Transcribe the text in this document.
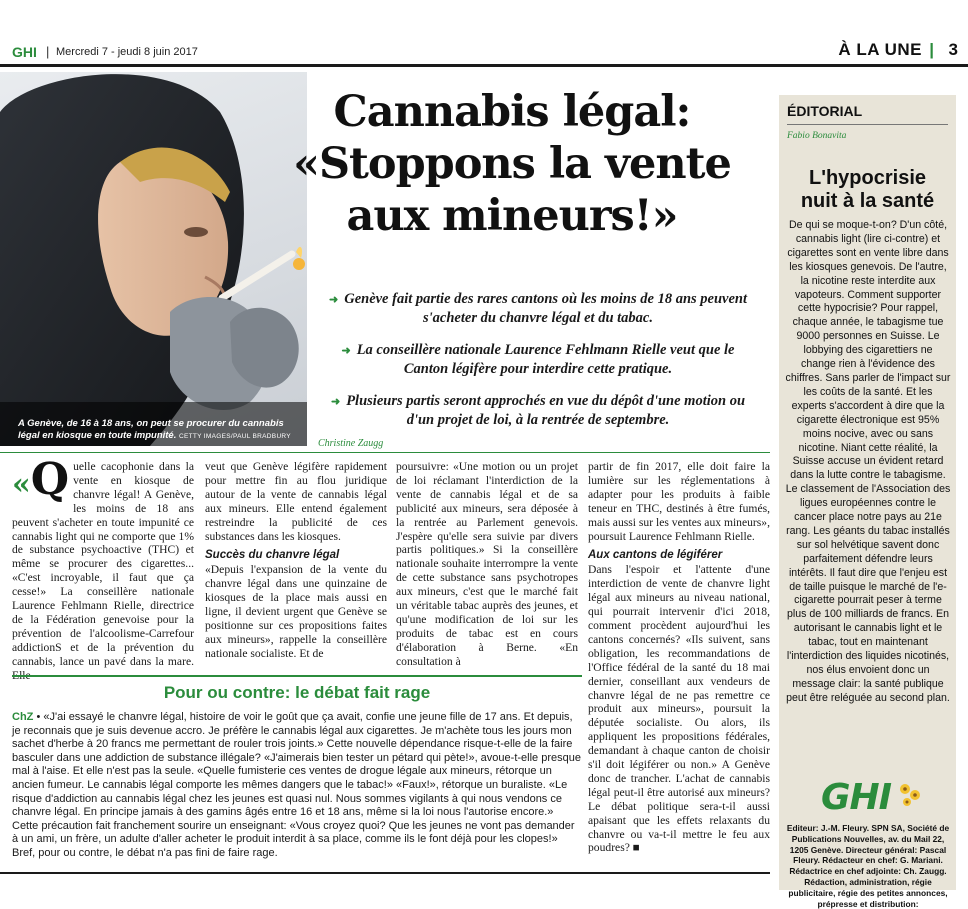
GHI | Mercredi 7 - jeudi 8 juin 2017	À LA UNE | 3
A Genève, de 16 à 18 ans, on peut se procurer du cannabis légal en kiosque en toute impunité. CETTY IMAGES/PAUL BRADBURY
Cannabis légal:
«Stoppons la vente
aux mineurs!»
➜ Genève fait partie des rares cantons où les moins de 18 ans peuvent s'acheter du chanvre légal et du tabac.
➜ La conseillère nationale Laurence Fehlmann Rielle veut que le Canton légifère pour interdire cette pratique.
➜ Plusieurs partis seront approchés en vue du dépôt d'une motion ou d'un projet de loi, à la rentrée de septembre.
Christine Zaugg

«Q uelle cacophonie dans la vente en kiosque de chanvre légal! A Genève, les moins de 18 ans peuvent s'acheter en toute impunité ce cannabis light qui ne comporte que 1% de substance psychoactive (THC) et même se procurer des cigarettes... «C'est incroyable, il faut que ça cesse!» La conseillère nationale Laurence Fehlmann Rielle, directrice de la Fédération genevoise pour la prévention de l'alcoolisme-Carrefour addictionS et de la prévention du cannabis, lance un pavé dans la mare.

veut que Genève légifère rapidement pour mettre fin au flou juridique autour de la vente de cannabis légal aux mineurs. Elle entend également restreindre la publicité de ces substances dans les kiosques.

Succès du chanvre légal

«Depuis l'expansion de la vente du chanvre légal dans une quinzaine de kiosques de la place mais aussi en ligne, il devient urgent que Genève se positionne sur ces propositions faites aux mineurs», rappelle la conseillère nationale socialiste. Et de

poursuivre: «Une motion ou un projet de loi réclamant l'interdiction de la vente de cannabis légal et de sa publicité aux mineurs, sera déposée à la rentrée au Parlement genevois. J'espère qu'elle sera suivie par divers partis politiques.» Si la conseillère nationale souhaite interrompre la vente de cette substance sans psychotropes aux mineurs, c'est que le marché fait un véritable tabac auprès des jeunes, et qu'une modification de loi sur les produits de tabac est en cours d'élaboration à Berne. «En consultation à

partir de fin 2017, elle doit faire la lumière sur les réglementations à adapter pour les produits à faible teneur en THC, destinés à être fumés, mais aussi sur les ventes aux mineurs», poursuit Laurence Fehlmann Rielle.

Aux cantons de légiférer

Dans l'espoir et l'attente d'une interdiction de vente de chanvre light légal aux mineurs au niveau national, qui pourrait intervenir d'ici 2018, comment procèdent aujourd'hui les cantons concernés? «Ils suivent, sans obligation, les recommandations de l'Office fédéral de la santé du 18 mai dernier, conseillant aux vendeurs de chanvre légal de ne pas remettre ce produit aux mineurs», poursuit la députée socialiste. Ou alors, ils appliquent les propositions fédérales, demandant à chaque canton de choisir s'il doit légiférer ou non.» A Genève donc de trancher. L'achat de cannabis légal peut-il être autorisé aux mineurs? Le débat politique sera-t-il aussi apaisant que les effets relaxants du chanvre ou va-t-il mettre le feu aux poudres? ■

Pour ou contre: le débat fait rage

ChZ • «J'ai essayé le chanvre légal, histoire de voir le goût que ça avait, confie une jeune fille de 17 ans. Et depuis, je reconnais que je suis devenue accro. Je préfère le cannabis légal aux cigarettes. Je m'achète tous les jours mon sachet d'herbe à 20 francs me permettant de rouler trois joints.» Cette nouvelle dépendance risque-t-elle de la faire basculer dans une addiction de substance illégale? «J'aimerais bien tester un pétard qui pète!», avoue-t-elle presque mal à l'aise. Et elle n'est pas la seule. «Quelle fumisterie ces ventes de drogue légale aux mineurs, rétorque un ancien fumeur. Le cannabis légal comporte les mêmes dangers que le tabac!» «Faux!», rétorque un buraliste. «Le risque d'addiction au cannabis légal chez les jeunes est quasi nul. Nous sommes vigilants à qui nous vendons ce chanvre légal. En principe jamais à des gamins âgés entre 16 et 18 ans, même si la loi nous l'autorise encore.»

Cette précaution fait franchement sourire un enseignant: «Vous croyez quoi? Que les jeunes ne vont pas demander à un ami, un frère, un adulte d'aller acheter le produit interdit à sa place, comme ils le font déjà pour les clopes!» Bref, pour ou contre, le débat n'a pas fini de faire rage.

ÉDITORIAL
Fabio Bonavita
L'hypocrisie
nuit à la santé
De qui se moque-t-on? D'un côté, cannabis light (lire ci-contre) et cigarettes sont en vente libre dans les kiosques genevois. De l'autre, la nicotine reste interdite aux vapoteurs. Comment supporter cette hypocrisie? Pour rappel, chaque année, le tabagisme tue 9000 personnes en Suisse. Le lobbying des cigarettiers ne change rien à l'évidence des chiffres. Sans parler de l'impact sur les coûts de la santé. Et les experts s'accordent à dire que la cigarette électronique est 95% moins nocive, avec ou sans nicotine. Niant cette réalité, la Suisse accuse un évident retard dans la lutte contre le tabagisme. Le classement de l'Association des ligues européennes contre le cancer place notre pays au 21e rang. Les géants du tabac installés sur sol helvétique savent donc parfaitement défendre leurs intérêts. Il faut dire que l'enjeu est de taille puisque le marché de l'e-cigarette pourrait peser à terme plus de 100 milliards de francs. En autorisant le cannabis light et le tabac, tout en maintenant l'interdiction des liquides nicotinés, nos élus envoient donc un message clair: la santé publique peut être reléguée au second plan.
GHI
Editeur: J.-M. Fleury. SPN SA, Société de Publications Nouvelles, av. du Mail 22, 1205 Genève. Directeur général: Pascal Fleury. Rédacteur en chef: G. Mariani. Rédactrice en chef adjointe: Ch. Zaugg. Rédaction, administration, régie publicitaire, régie des petites annonces, prépresse et distribution:
